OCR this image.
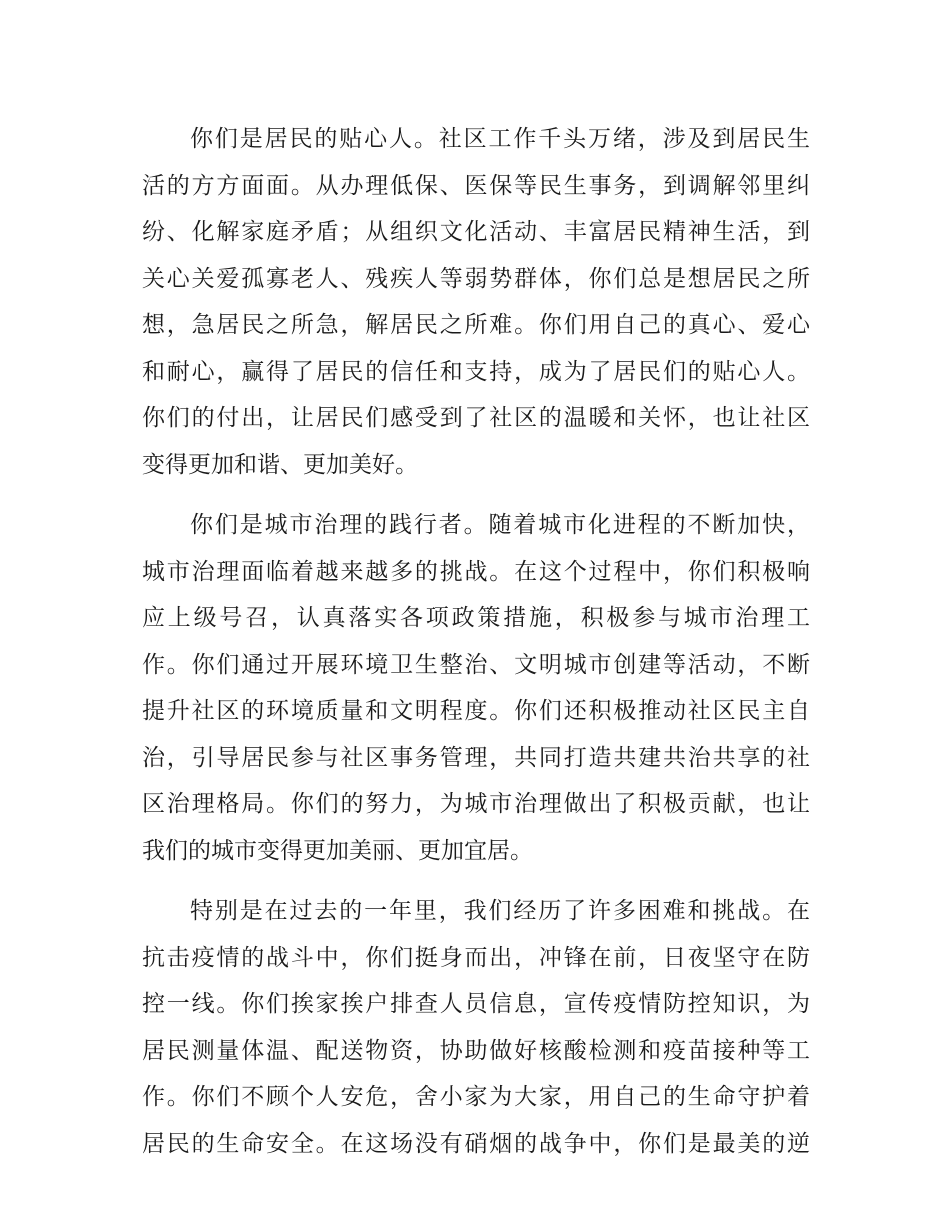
你们是居民的贴心人。社区工作千头万绪，涉及到居民生
活的方方面面。从办理低保、医保等民生事务，到调解邻里纠
纷、化解家庭矛盾；从组织文化活动、丰富居民精神生活，到
关心关爱孤寡老人、残疾人等弱势群体，你们总是想居民之所
想，急居民之所急，解居民之所难。你们用自己的真心、爱心
和耐心，赢得了居民的信任和支持，成为了居民们的贴心人。
你们的付出，让居民们感受到了社区的温暖和关怀，也让社区
变得更加和谐、更加美好。
你们是城市治理的践行者。随着城市化进程的不断加快，
城市治理面临着越来越多的挑战。在这个过程中，你们积极响
应上级号召，认真落实各项政策措施，积极参与城市治理工
作。你们通过开展环境卫生整治、文明城市创建等活动，不断
提升社区的环境质量和文明程度。你们还积极推动社区民主自
治，引导居民参与社区事务管理，共同打造共建共治共享的社
区治理格局。你们的努力，为城市治理做出了积极贡献，也让
我们的城市变得更加美丽、更加宜居。
特别是在过去的一年里，我们经历了许多困难和挑战。在
抗击疫情的战斗中，你们挺身而出，冲锋在前，日夜坚守在防
控一线。你们挨家挨户排查人员信息，宣传疫情防控知识，为
居民测量体温、配送物资，协助做好核酸检测和疫苗接种等工
作。你们不顾个人安危，舍小家为大家，用自己的生命守护着
居民的生命安全。在这场没有硝烟的战争中，你们是最美的逆
